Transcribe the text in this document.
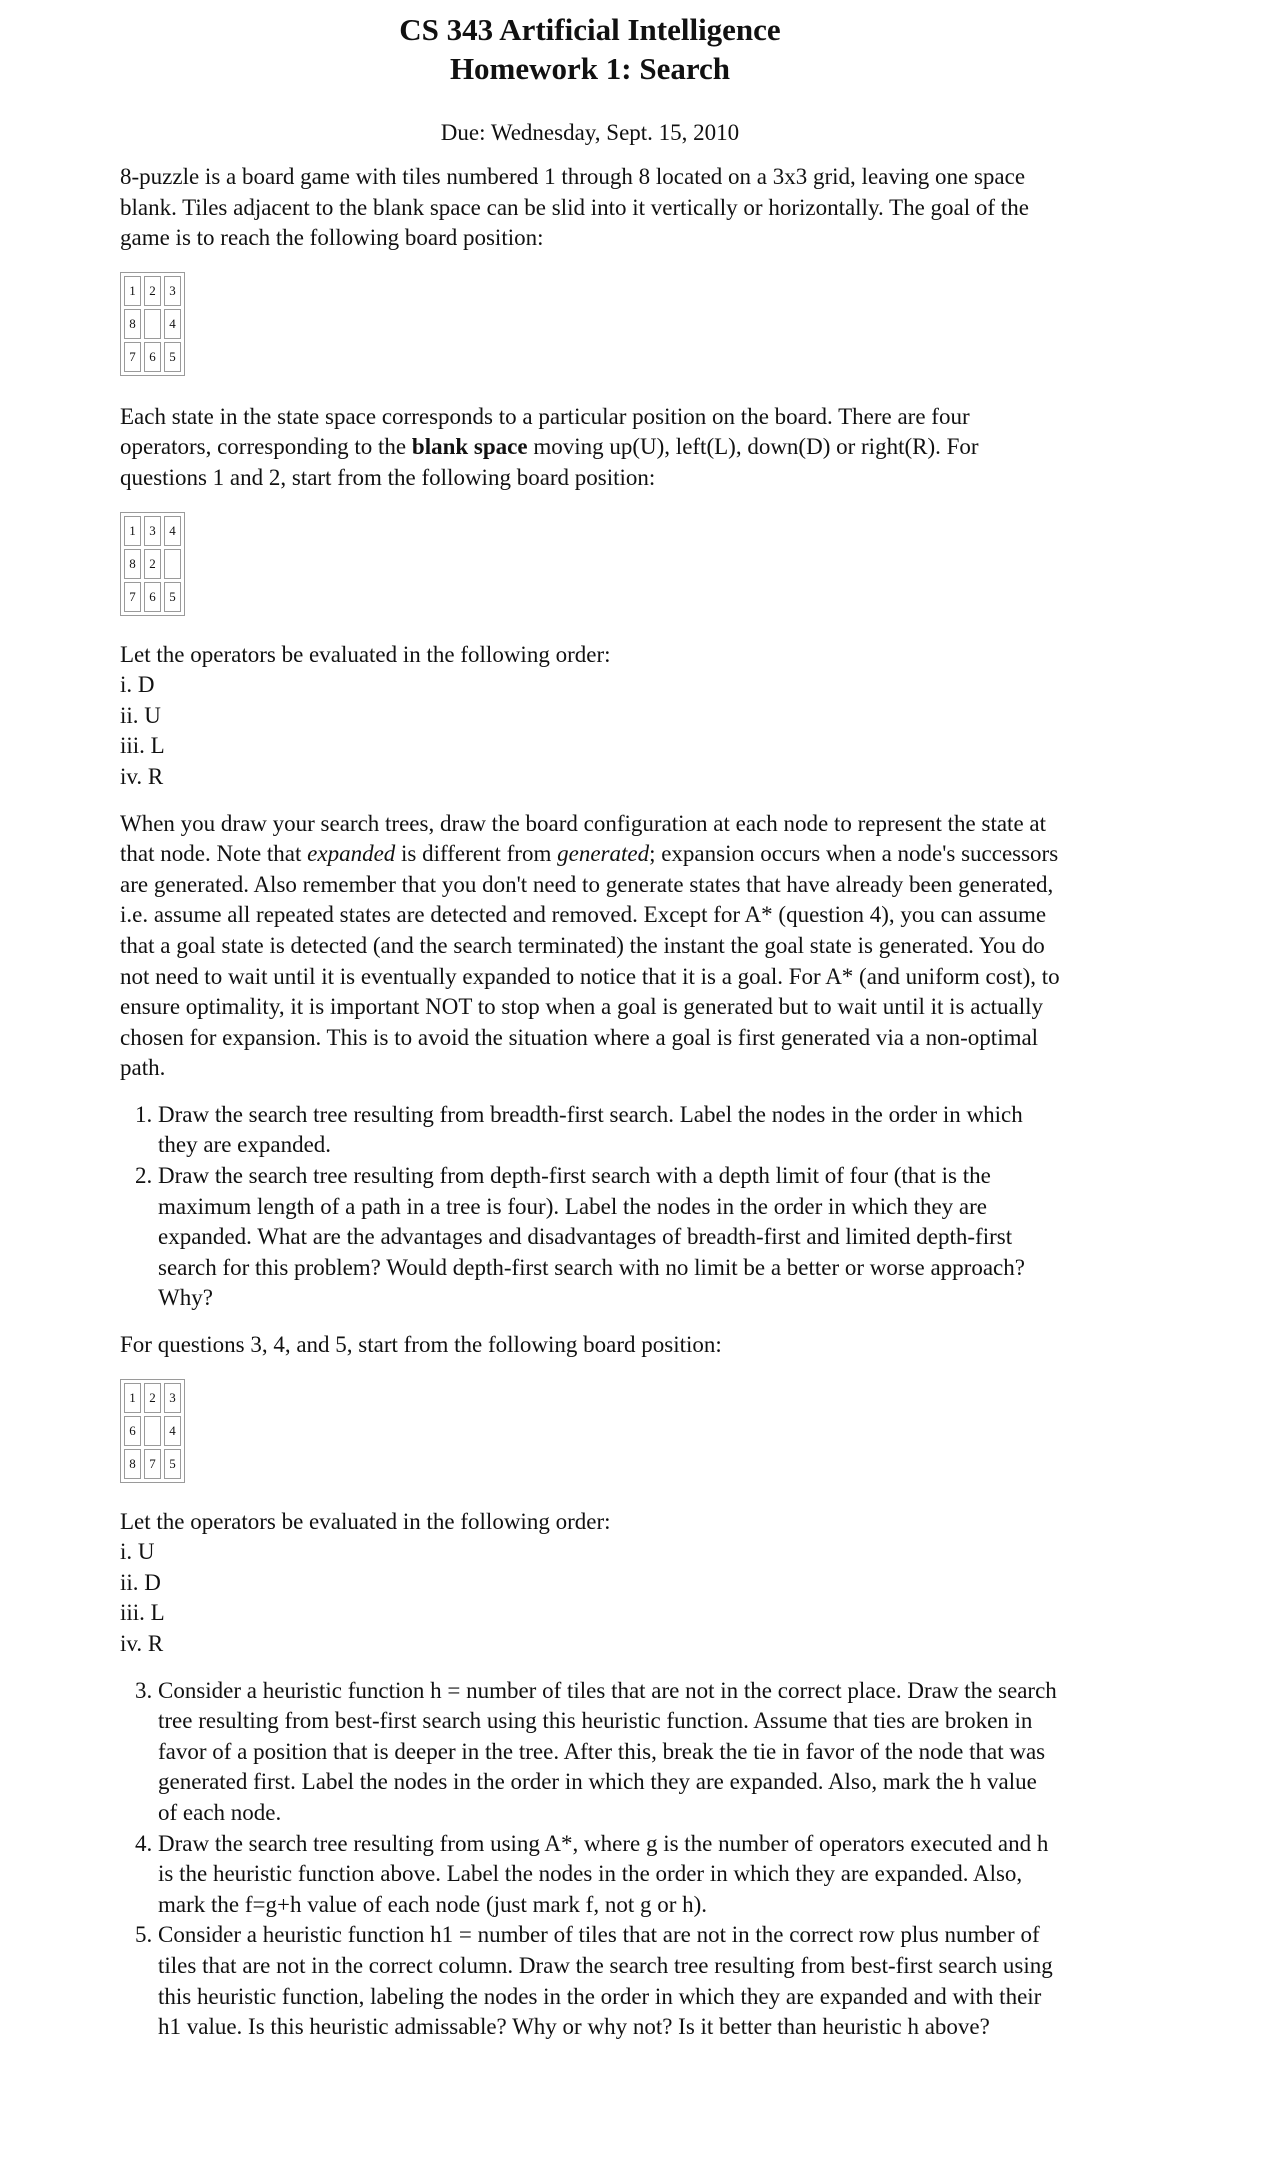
CS 343 Artificial Intelligence
Homework 1: Search
Due: Wednesday, Sept. 15, 2010

8-puzzle is a board game with tiles numbered 1 through 8 located on a 3x3 grid, leaving one space blank. Tiles adjacent to the blank space can be slid into it vertically or horizontally. The goal of the game is to reach the following board position:

1	2	3
8		4
7	6	5

Each state in the state space corresponds to a particular position on the board. There are four operators, corresponding to the blank space moving up(U), left(L), down(D) or right(R). For questions 1 and 2, start from the following board position:

1	3	4
8	2	
7	6	5

Let the operators be evaluated in the following order:
i. D
ii. U
iii. L
iv. R

When you draw your search trees, draw the board configuration at each node to represent the state at that node. Note that expanded is different from generated; expansion occurs when a node's successors are generated. Also remember that you don't need to generate states that have already been generated, i.e. assume all repeated states are detected and removed. Except for A* (question 4), you can assume that a goal state is detected (and the search terminated) the instant the goal state is generated. You do not need to wait until it is eventually expanded to notice that it is a goal. For A* (and uniform cost), to ensure optimality, it is important NOT to stop when a goal is generated but to wait until it is actually chosen for expansion. This is to avoid the situation where a goal is first generated via a non-optimal path.

1. Draw the search tree resulting from breadth-first search. Label the nodes in the order in which they are expanded.
2. Draw the search tree resulting from depth-first search with a depth limit of four (that is the maximum length of a path in a tree is four). Label the nodes in the order in which they are expanded. What are the advantages and disadvantages of breadth-first and limited depth-first search for this problem? Would depth-first search with no limit be a better or worse approach? Why?

For questions 3, 4, and 5, start from the following board position:

1	2	3
6		4
8	7	5

Let the operators be evaluated in the following order:
i. U
ii. D
iii. L
iv. R

3. Consider a heuristic function h = number of tiles that are not in the correct place. Draw the search tree resulting from best-first search using this heuristic function. Assume that ties are broken in favor of a position that is deeper in the tree. After this, break the tie in favor of the node that was generated first. Label the nodes in the order in which they are expanded. Also, mark the h value of each node.
4. Draw the search tree resulting from using A*, where g is the number of operators executed and h is the heuristic function above. Label the nodes in the order in which they are expanded. Also, mark the f=g+h value of each node (just mark f, not g or h).
5. Consider a heuristic function h1 = number of tiles that are not in the correct row plus number of tiles that are not in the correct column. Draw the search tree resulting from best-first search using this heuristic function, labeling the nodes in the order in which they are expanded and with their h1 value. Is this heuristic admissable? Why or why not? Is it better than heuristic h above?
